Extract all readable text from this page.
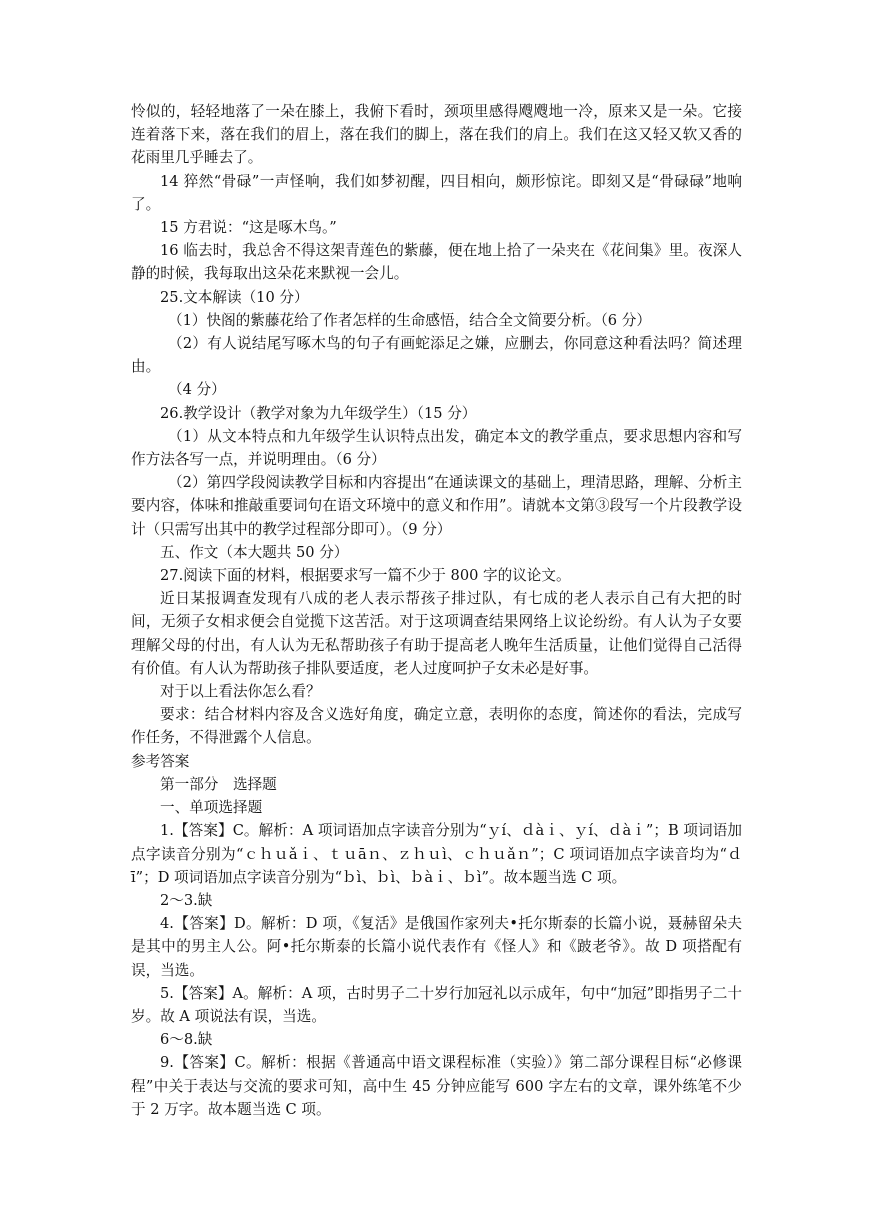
怜似的，轻轻地落了一朵在膝上，我俯下看时，颈项里感得飕飕地一冷，原来又是一朵。它接连着落下来，落在我们的眉上，落在我们的脚上，落在我们的肩上。我们在这又轻又软又香的花雨里几乎睡去了。

14 猝然“骨碌”一声怪响，我们如梦初醒，四目相向，颇形惊诧。即刻又是“骨碌碌”地响了。

15 方君说：“这是啄木鸟。”

16 临去时，我总舍不得这架青莲色的紫藤，便在地上拾了一朵夹在《花间集》里。夜深人静的时候，我每取出这朵花来默视一会儿。

25.文本解读（10 分）

（1）快阁的紫藤花给了作者怎样的生命感悟，结合全文简要分析。（6 分）

（2）有人说结尾写啄木鸟的句子有画蛇添足之嫌，应删去，你同意这种看法吗？简述理由。

（4 分）

26.教学设计（教学对象为九年级学生）（15 分）

（1）从文本特点和九年级学生认识特点出发，确定本文的教学重点，要求思想内容和写作方法各写一点，并说明理由。（6 分）

（2）第四学段阅读教学目标和内容提出“在通读课文的基础上，理清思路，理解、分析主要内容，体味和推敲重要词句在语文环境中的意义和作用”。请就本文第③段写一个片段教学设计（只需写出其中的教学过程部分即可）。（9 分）

五、作文（本大题共 50 分）

27.阅读下面的材料，根据要求写一篇不少于 800 字的议论文。

近日某报调查发现有八成的老人表示帮孩子排过队，有七成的老人表示自己有大把的时间，无须子女相求便会自觉揽下这苦活。对于这项调查结果网络上议论纷纷。有人认为子女要理解父母的付出，有人认为无私帮助孩子有助于提高老人晚年生活质量，让他们觉得自己活得有价值。有人认为帮助孩子排队要适度，老人过度呵护子女未必是好事。

对于以上看法你怎么看？

要求：结合材料内容及含义选好角度，确定立意，表明你的态度，简述你的看法，完成写作任务，不得泄露个人信息。

参考答案

第一部分　选择题

一、单项选择题

1.【答案】C。解析：A 项词语加点字读音分别为“ｙí、ｄàｉ、ｙí、ｄàｉ”；B 项词语加点字读音分别为“ｃｈｕǎｉ、ｔｕāｎ、ｚｈｕì、ｃｈｕǎｎ”；C 项词语加点字读音均为“ｄī”；D 项词语加点字读音分别为“ｂì、ｂì、ｂàｉ、ｂì”。故本题当选 C 项。

2～3.缺

4.【答案】D。解析：D 项，《复活》是俄国作家列夫•托尔斯泰的长篇小说，聂赫留朵夫是其中的男主人公。阿•托尔斯泰的长篇小说代表作有《怪人》和《跛老爷》。故 D 项搭配有误，当选。

5.【答案】A。解析：A 项，古时男子二十岁行加冠礼以示成年，句中“加冠”即指男子二十岁。故 A 项说法有误，当选。

6～8.缺

9.【答案】C。解析：根据《普通高中语文课程标准（实验）》第二部分课程目标“必修课程”中关于表达与交流的要求可知，高中生 45 分钟应能写 600 字左右的文章，课外练笔不少于 2 万字。故本题当选 C 项。
